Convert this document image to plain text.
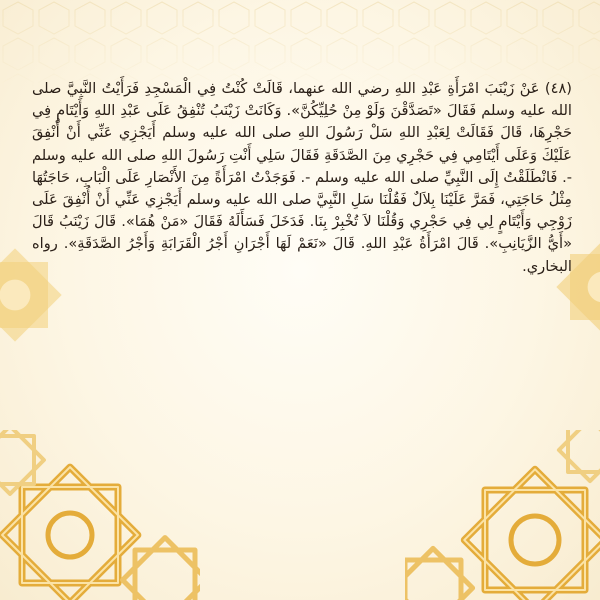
(٤٨) عَنْ زَيْنَبَ امْرَأَةِ عَبْدِ اللهِ رضي الله عنهما، قَالَتْ كُنْتُ فِي الْمَسْجِدِ فَرَأَيْتُ النَّبِيَّ صلى الله عليه وسلم فَقَالَ «تَصَدَّقْنَ وَلَوْ مِنْ حُلِيِّكُنَّ». وَكَانَتْ زَيْنَبُ تُنْفِقُ عَلَى عَبْدِ اللهِ وَأَيْتَامٍ فِي حَجْرِهَا، قَالَ فَقَالَتْ لِعَبْدِ اللهِ سَلْ رَسُولَ اللهِ صلى الله عليه وسلم أَيَجْزِي عَنِّي أَنْ أُنْفِقَ عَلَيْكَ وَعَلَى أَيْتَامِي فِي حَجْرِي مِنَ الصَّدَقَةِ فَقَالَ سَلِي أَنْتِ رَسُولَ اللهِ صلى الله عليه وسلم -. فَانْطَلَقْتُ إِلَى النَّبِيِّ صلى الله عليه وسلم -. فَوَجَدْتُ امْرَأَةً مِنَ الأَنْصَارِ عَلَى الْبَابِ، حَاجَتُهَا مِثْلُ حَاجَتِي، فَمَرَّ عَلَيْنَا بِلاَلٌ فَقُلْنَا سَلِ النَّبِيَّ صلى الله عليه وسلم أَيَجْزِي عَنِّي أَنْ أُنْفِقَ عَلَى زَوْجِي وَأَيْتَامٍ لِي فِي حَجْرِي وَقُلْنَا لاَ تُخْبِرْ بِنَا. فَدَخَلَ فَسَأَلَهُ فَقَالَ «مَنْ هُمَا». قَالَ زَيْنَبُ قَالَ «أَيُّ الزَّيَانِبِ». قَالَ امْرَأَةُ عَبْدِ اللهِ. قَالَ «نَعَمْ لَهَا أَجْرَانِ أَجْرُ الْقَرَابَةِ وَأَجْرُ الصَّدَقَةِ». رواه البخاري.
